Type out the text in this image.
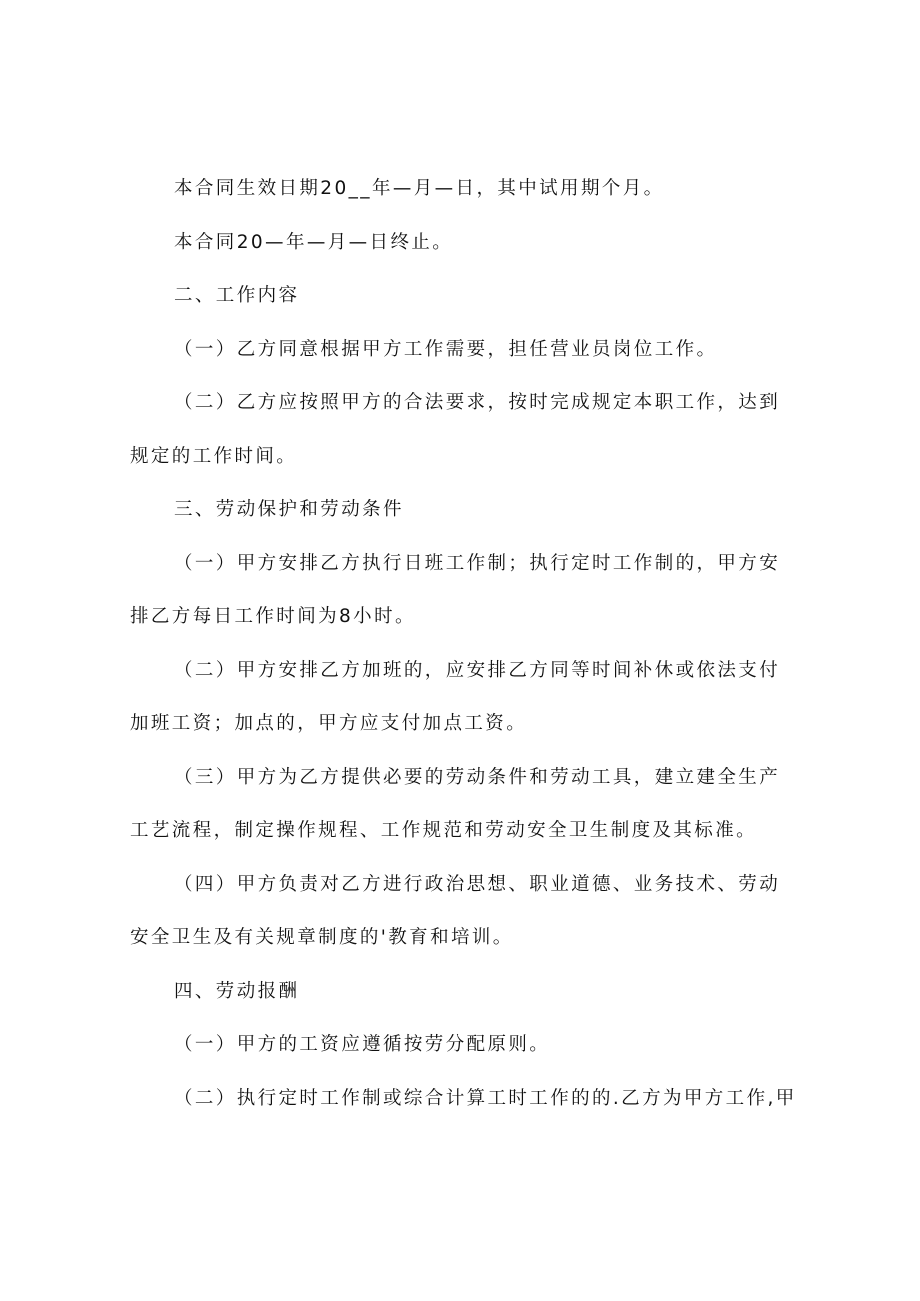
本合同生效日期20__年—月—日，其中试用期个月。

本合同20—年—月—日终止。

二、工作内容

（一）乙方同意根据甲方工作需要，担任营业员岗位工作。

（二）乙方应按照甲方的合法要求，按时完成规定本职工作，达到规定的工作时间。

三、劳动保护和劳动条件

（一）甲方安排乙方执行日班工作制；执行定时工作制的，甲方安排乙方每日工作时间为8小时。

（二）甲方安排乙方加班的，应安排乙方同等时间补休或依法支付加班工资；加点的，甲方应支付加点工资。

（三）甲方为乙方提供必要的劳动条件和劳动工具，建立建全生产工艺流程，制定操作规程、工作规范和劳动安全卫生制度及其标准。

（四）甲方负责对乙方进行政治思想、职业道德、业务技术、劳动安全卫生及有关规章制度的'教育和培训。

四、劳动报酬

（一）甲方的工资应遵循按劳分配原则。

（二）执行定时工作制或综合计算工时工作的的.乙方为甲方工作,甲
